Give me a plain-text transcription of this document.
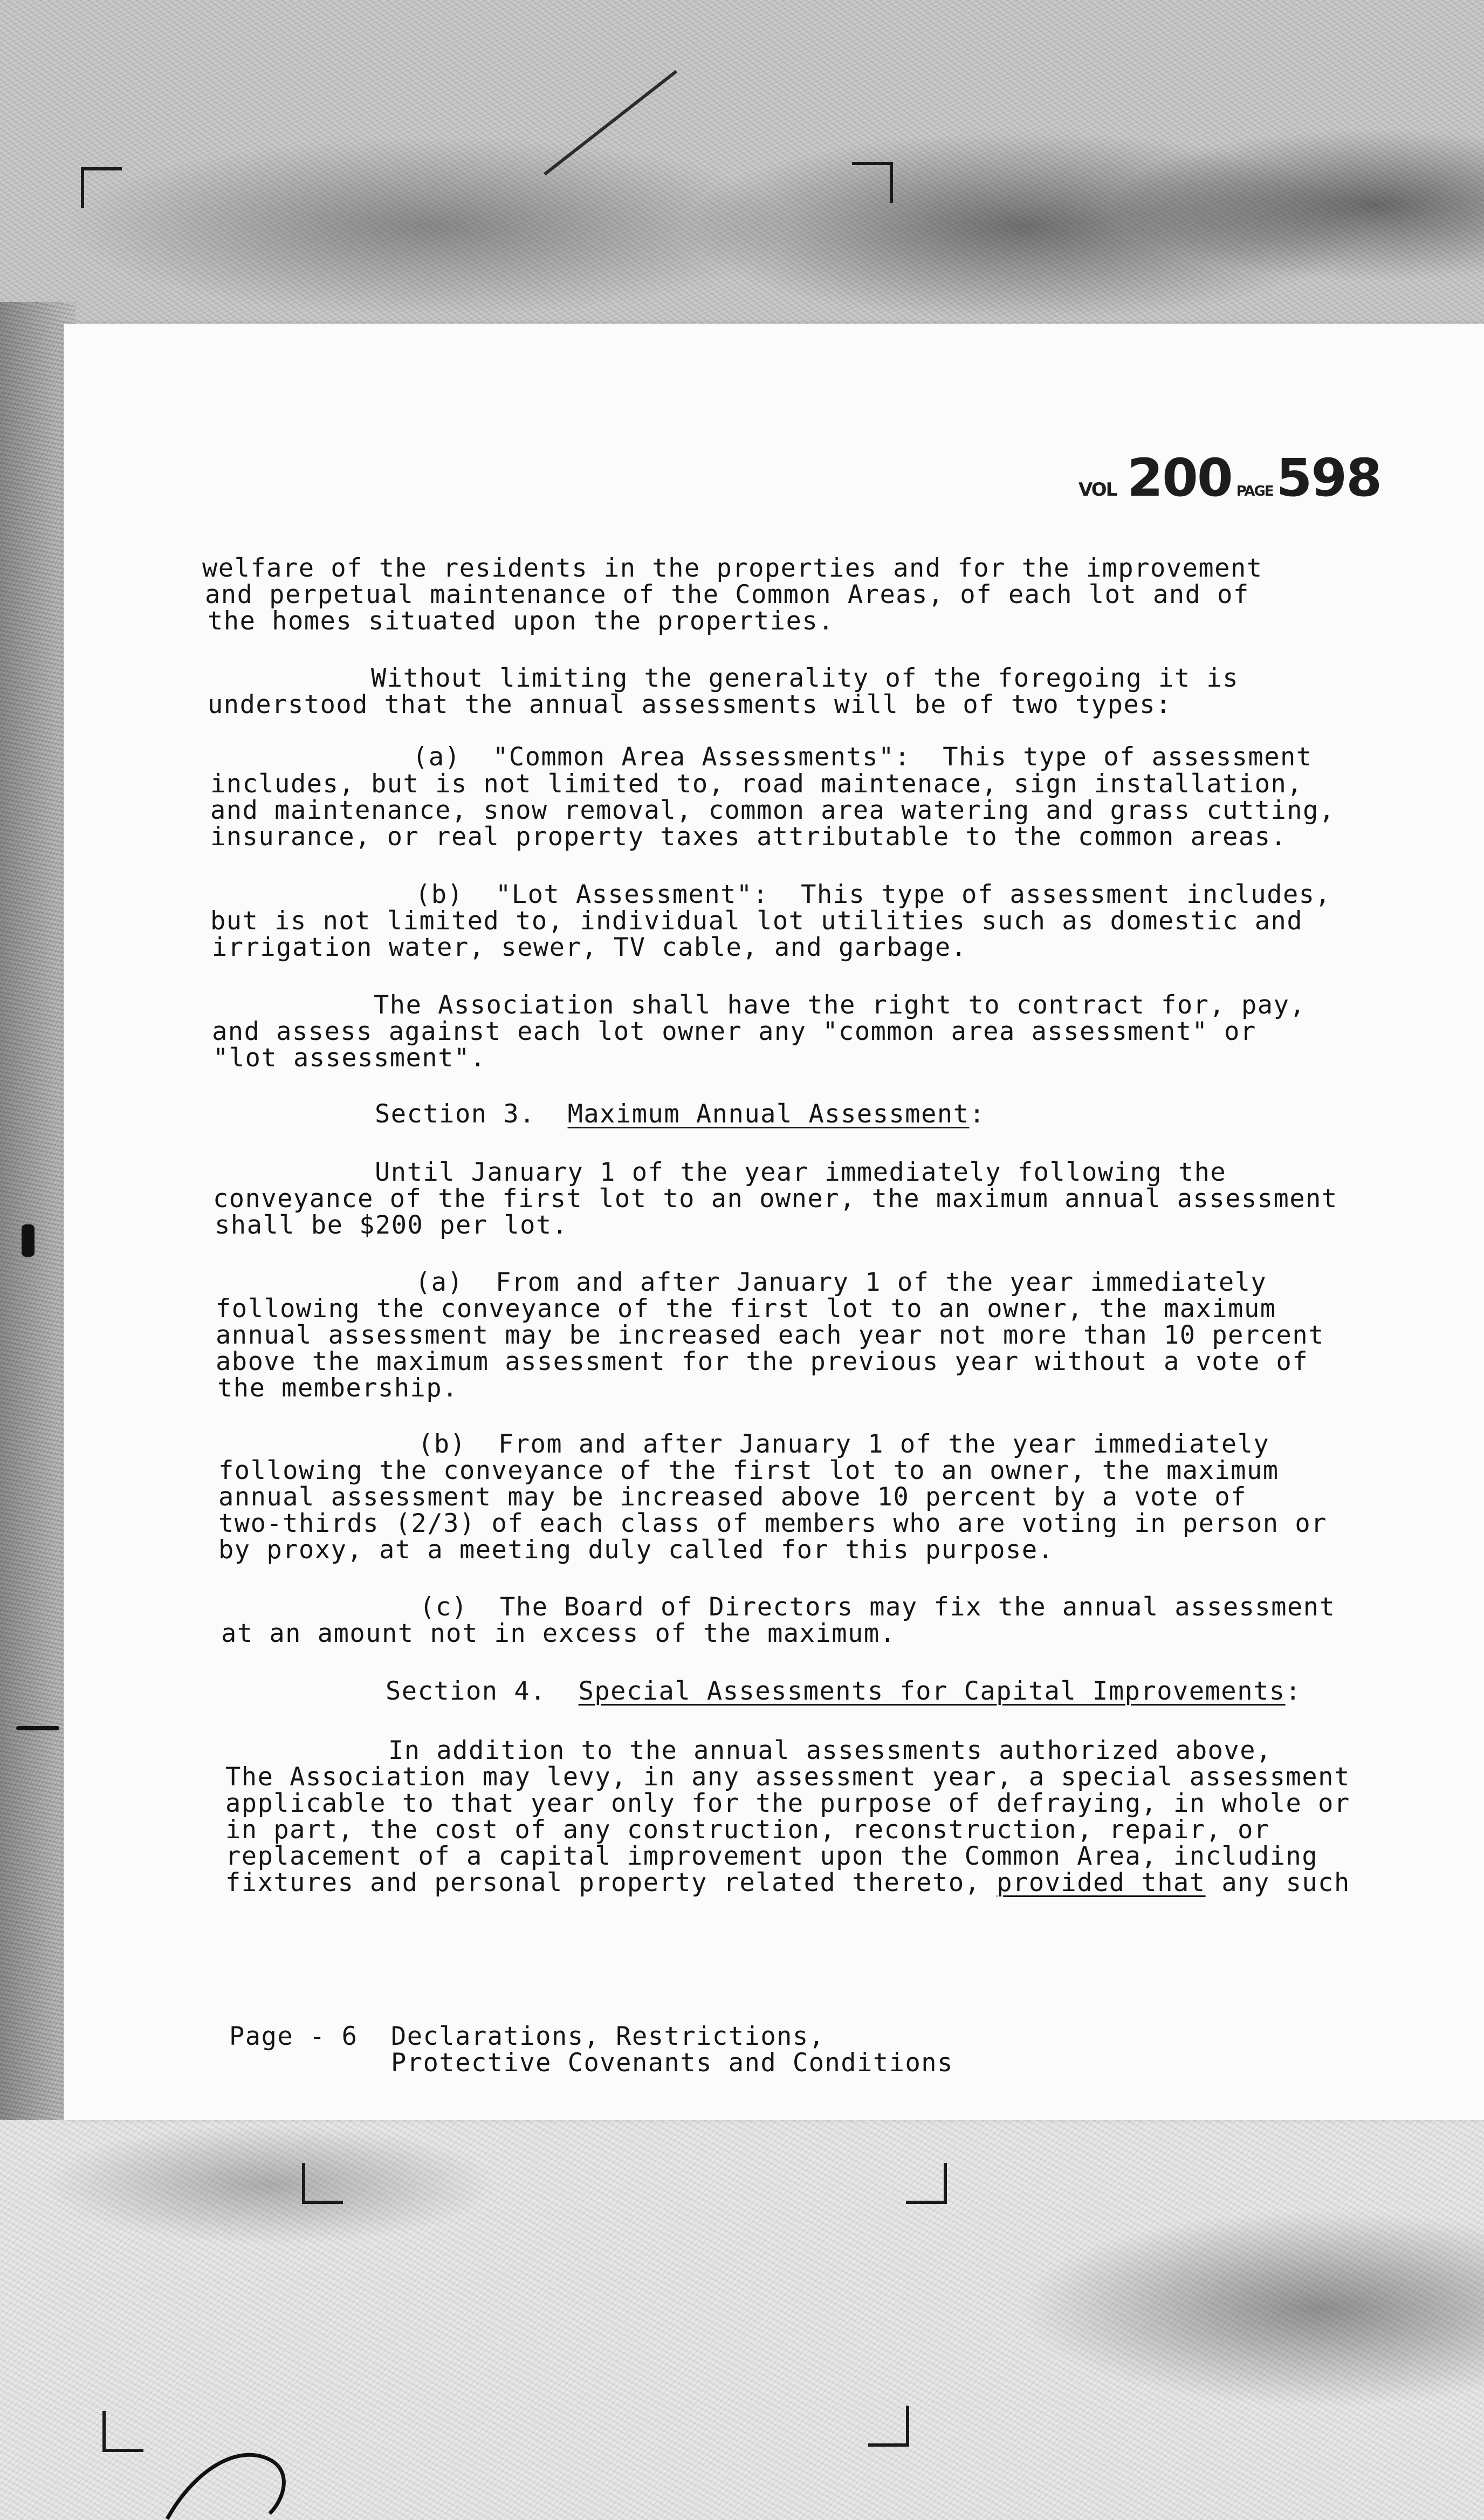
VOL 200 PAGE598
welfare of the residents in the properties and for the improvement
and perpetual maintenance of the Common Areas, of each lot and of
the homes situated upon the properties.
Without limiting the generality of the foregoing it is
understood that the annual assessments will be of two types:
(a)  "Common Area Assessments":  This type of assessment
includes, but is not limited to, road maintenace, sign installation,
and maintenance, snow removal, common area watering and grass cutting,
insurance, or real property taxes attributable to the common areas.
(b)  "Lot Assessment":  This type of assessment includes,
but is not limited to, individual lot utilities such as domestic and
irrigation water, sewer, TV cable, and garbage.
The Association shall have the right to contract for, pay,
and assess against each lot owner any "common area assessment" or
"lot assessment".
Section 3. Maximum Annual Assessment:
Until January 1 of the year immediately following the
conveyance of the first lot to an owner, the maximum annual assessment
shall be $200 per lot.
(a)  From and after January 1 of the year immediately
following the conveyance of the first lot to an owner, the maximum
annual assessment may be increased each year not more than 10 percent
above the maximum assessment for the previous year without a vote of
the membership.
(b)  From and after January 1 of the year immediately
following the conveyance of the first lot to an owner, the maximum
annual assessment may be increased above 10 percent by a vote of
two-thirds (2/3) of each class of members who are voting in person or
by proxy, at a meeting duly called for this purpose.
(c)  The Board of Directors may fix the annual assessment
at an amount not in excess of the maximum.
Section 4. Special Assessments for Capital Improvements:
In addition to the annual assessments authorized above,
The Association may levy, in any assessment year, a special assessment
applicable to that year only for the purpose of defraying, in whole or
in part, the cost of any construction, reconstruction, repair, or
replacement of a capital improvement upon the Common Area, including
fixtures and personal property related thereto, provided that any such
Page - 6 Declarations, Restrictions,
Protective Covenants and Conditions
